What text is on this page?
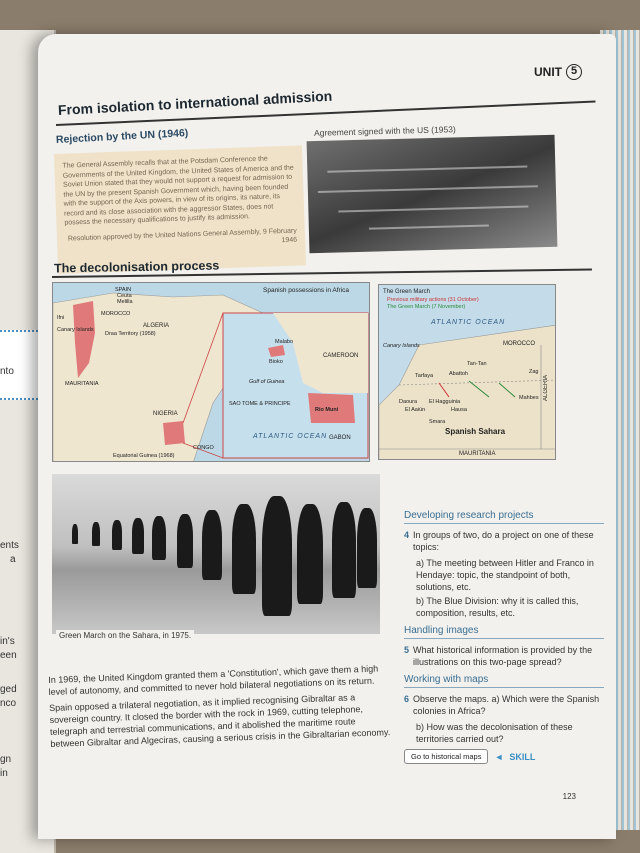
nto
ents
a
in's
een
ged
nco
gn
in
UNIT 5
From isolation to international admission
Rejection by the UN (1946)
The General Assembly recalls that at the Potsdam Conference the Governments of the United Kingdom, the United States of America and the Soviet Union stated that they would not support a request for admission to the UN by the present Spanish Government which, having been founded with the support of the Axis powers, in view of its origins, its nature, its record and its close association with the aggressor States, does not possess the necessary qualifications to justify its admission.
Resolution approved by the United Nations General Assembly, 9 February 1946
Agreement signed with the US (1953)
The decolonisation process
Spanish possessions in Africa
SPAIN
Ceuta
Melilla
MOROCCO
ALGERIA
Ifni
Canary Islands
Draa Territory (1958)
MAURITANIA
NIGERIA
CAMEROON
SAO TOME & PRINCIPE
CONGO
GABON
Equatorial Guinea (1968)
Malabo
Bioko
Gulf of Guinea
Rio Muni
ATLANTIC OCEAN
The Green March
Previous military actions (31 October)
The Green March (7 November)
ATLANTIC OCEAN
Canary Islands	MOROCCO
Tan-Tan
Abattoh
Tarfaya
Daoura El Hagguinia
Hausa
El Aaiún
Smara
Mahbes
Zag
Spanish Sahara
MAURITANIA
ALGERIA
Green March on the Sahara, in 1975.

In 1969, the United Kingdom granted them a 'Constitution', which gave them a high level of autonomy, and committed to never hold bilateral negotiations on its return.

Spain opposed a trilateral negotiation, as it implied recognising Gibraltar as a sovereign country. It closed the border with the rock in 1969, cutting telephone, telegraph and terrestrial communications, and it abolished the maritime route between Gibraltar and Algeciras, causing a serious crisis in the Gibraltarian economy.

Developing research projects
4 In groups of two, do a project on one of these topics:
a) The meeting between Hitler and Franco in Hendaye: topic, the standpoint of both, solutions, etc.
b) The Blue Division: why it is called this, composition, results, etc.
Handling images
5 What historical information is provided by the illustrations on this two-page spread?
Working with maps
6 Observe the maps. a) Which were the Spanish colonies in Africa?
b) How was the decolonisation of these territories carried out?
Go to historical maps	◄ SKILL
123
